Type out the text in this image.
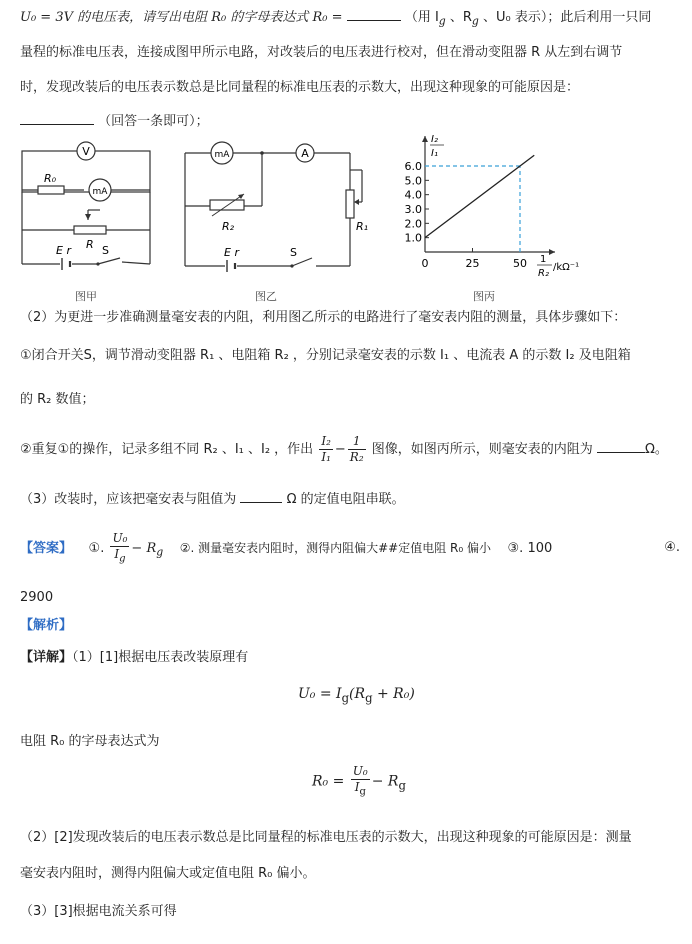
U₀ = 3V 的电压表，请写出电阻 R₀ 的字母表达式 R₀ =	（用 $I_g$ 、$R_g$ 、U₀ 表示）；此后利用一只同
量程的标准电压表，连接成图甲所示电路，对改装后的电压表进行校对，但在滑动变阻器 R 从左到右调节
时，发现改装后的电压表示数总是比同量程的标准电压表的示数大，出现这种现象的可能原因是：
（回答一条即可）；
V
R₀
mA
R
E r	S
图甲
mA	A
R₂	R₁
E r	S
图乙	图丙
1.0
2.0
3.0
4.0
5.0
6.0
0	25	50
I₂
I₁
1
R₂
/kΩ⁻¹
（2）为更进一步准确测量毫安表的内阻，利用图乙所示的电路进行了毫安表内阻的测量，具体步骤如下：
①闭合开关S，调节滑动变阻器 R₁ 、电阻箱 R₂ ，分别记录毫安表的示数 I₁ 、电流表 A 的示数 I₂ 及电阻箱
的 R₂ 数值；
②重复①的操作，记录多组不同 R₂ 、I₁ 、I₂ ，作出 $\frac{\text{I₂}}{\text{I₁}} - \frac{1}{\text{R₂}}$ 图像，如图丙所示，则毫安表的内阻为	Ω。
（3）改装时，应该把毫安表与阻值为	Ω 的定值电阻串联。
【答案】 ①. $\frac{\text{U₀}}{I_g} - R_g$ ②. 测量毫安表内阻时，测得内阻偏大##定值电阻 R₀ 偏小 ③. 100	④.
2900
【解析】
【详解】（1）[1]根据电压表改装原理有
$U_0 = I_g(R_g + R_0)$
电阻 R₀ 的字母表达式为
$R_0 = \frac{\text{U₀}}{I_g} - R_g$
（2）[2]发现改装后的电压表示数总是比同量程的标准电压表的示数大，出现这种现象的可能原因是：测量
毫安表内阻时，测得内阻偏大或定值电阻 R₀ 偏小。
（3）[3]根据电流关系可得
